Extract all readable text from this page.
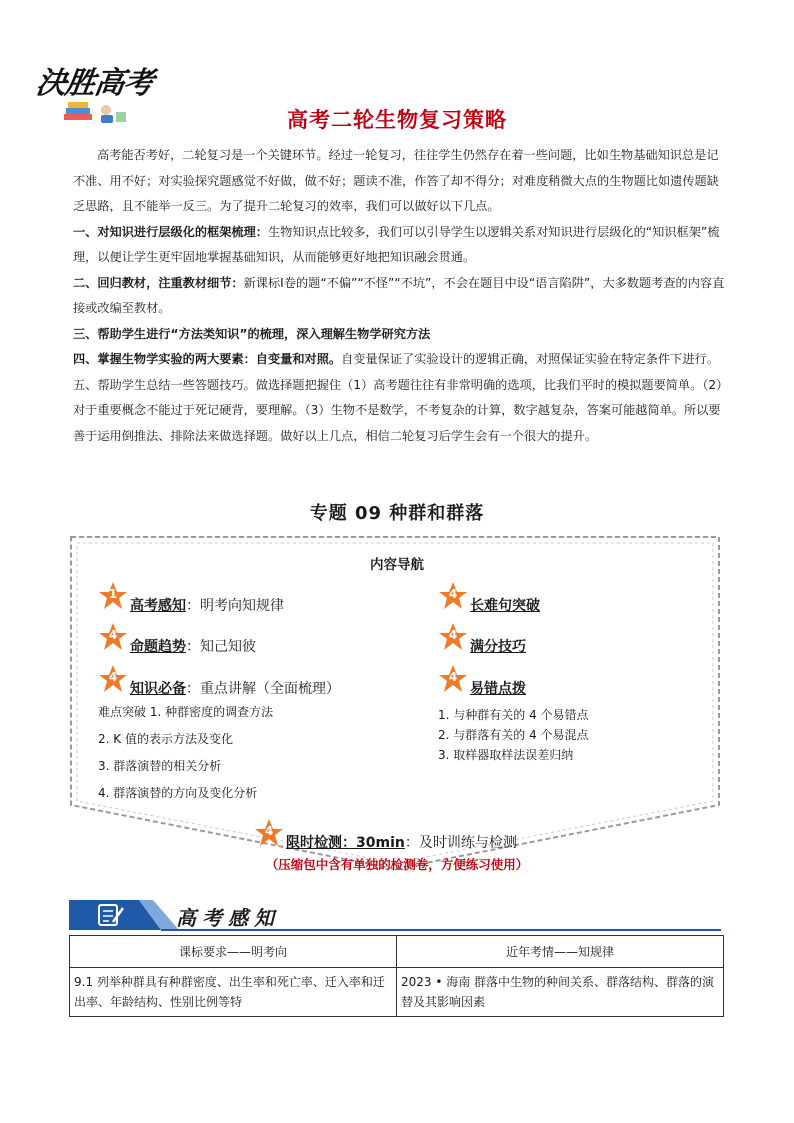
決胜高考
高考二轮生物复习策略

高考能否考好，二轮复习是一个关键环节。经过一轮复习，往往学生仍然存在着一些问题，比如生物基础知识总是记不准、用不好；对实验探究题感觉不好做，做不好；题读不准，作答了却不得分；对难度稍微大点的生物题比如遗传题缺乏思路，且不能举一反三。为了提升二轮复习的效率，我们可以做好以下几点。

一、对知识进行层级化的框架梳理：生物知识点比较多，我们可以引导学生以逻辑关系对知识进行层级化的“知识框架”梳理，以便让学生更牢固地掌握基础知识，从而能够更好地把知识融会贯通。

二、回归教材，注重教材细节：新课标Ⅰ卷的题“不偏”“不怪”“不坑”，不会在题目中设“语言陷阱”，大多数题考查的内容直接或改编至教材。

三、帮助学生进行“方法类知识”的梳理，深入理解生物学研究方法

四、掌握生物学实验的两大要素：自变量和对照。自变量保证了实验设计的逻辑正确，对照保证实验在特定条件下进行。

五、帮助学生总结一些答题技巧。做选择题把握住（1）高考题往往有非常明确的选项，比我们平时的模拟题要简单。（2）对于重要概念不能过于死记硬背，要理解。（3）生物不是数学，不考复杂的计算，数字越复杂，答案可能越简单。所以要善于运用倒推法、排除法来做选择题。做好以上几点，相信二轮复习后学生会有一个很大的提升。

专题 09 种群和群落
内容导航
1
高考感知：明考向知规律
4
命题趋势：知己知彼
4
知识必备：重点讲解（全面梳理）
难点突破 1. 种群密度的调查方法
2. K 值的表示方法及变化
3. 群落演替的相关分析
4. 群落演替的方向及变化分析
4
长难句突破
4
满分技巧
4
易错点拨
1. 与种群有关的 4 个易错点
2. 与群落有关的 4 个易混点
3. 取样器取样法误差归纳
4
限时检测：30min：及时训练与检测
（压缩包中含有单独的检测卷，方便练习使用）
高考感知
课标要求——明考向	近年考情——知规律
9.1 列举种群具有种群密度、出生率和死亡率、迁入率和迁出率、年龄结构、性别比例等特	2023 • 海南 群落中生物的种间关系、群落结构、群落的演替及其影响因素
